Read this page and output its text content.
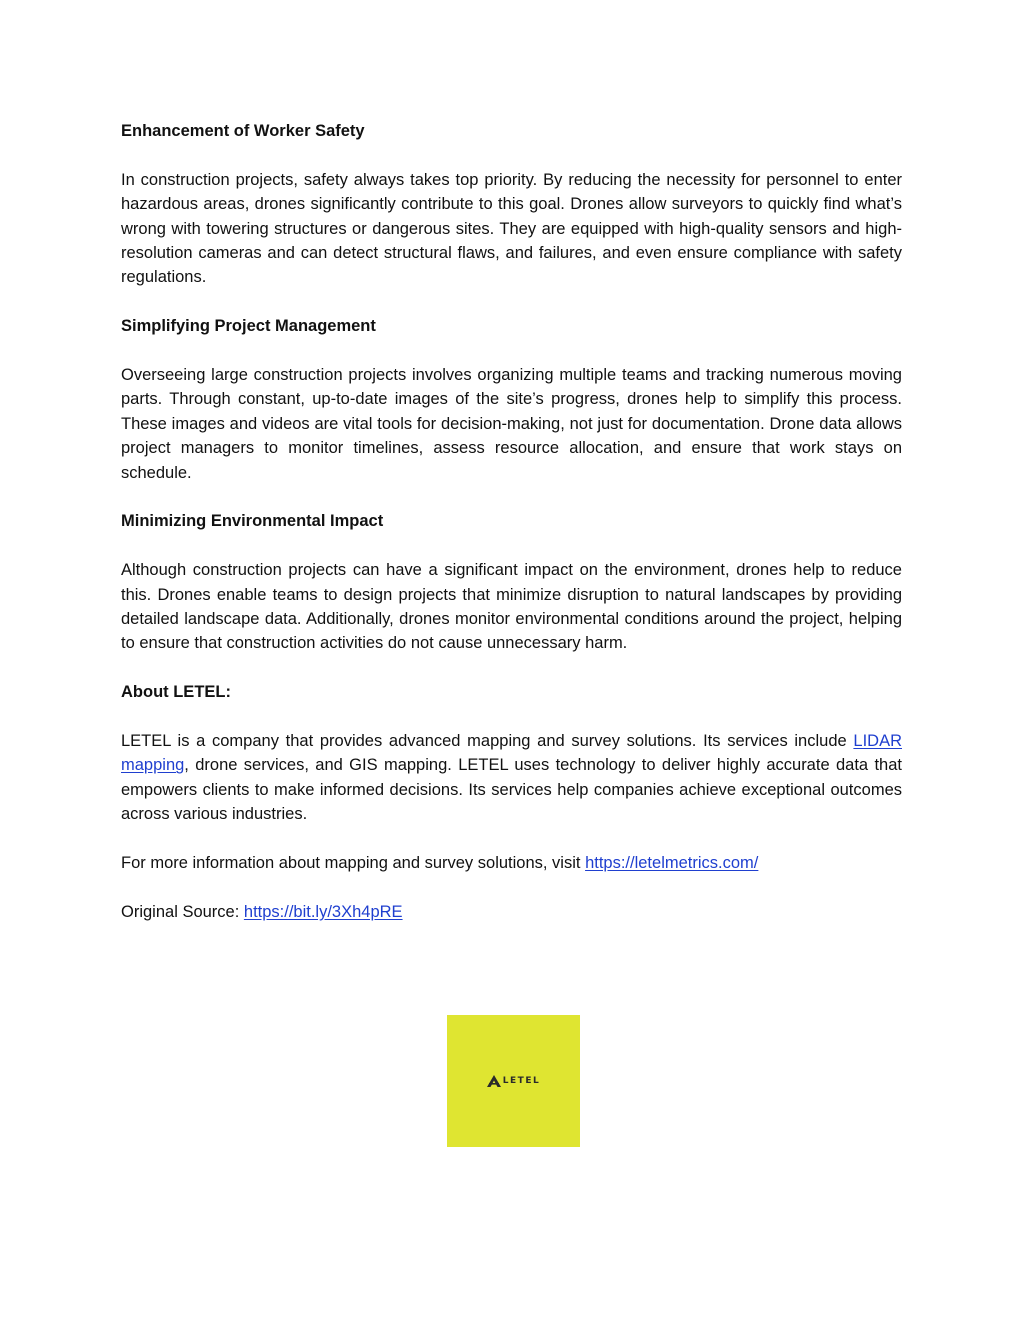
Enhancement of Worker Safety

In construction projects, safety always takes top priority. By reducing the necessity for personnel to enter hazardous areas, drones significantly contribute to this goal. Drones allow surveyors to quickly find what’s wrong with towering structures or dangerous sites. They are equipped with high-quality sensors and high-resolution cameras and can detect structural flaws, and failures, and even ensure compliance with safety regulations.

Simplifying Project Management

Overseeing large construction projects involves organizing multiple teams and tracking numerous moving parts. Through constant, up-to-date images of the site’s progress, drones help to simplify this process. These images and videos are vital tools for decision-making, not just for documentation. Drone data allows project managers to monitor timelines, assess resource allocation, and ensure that work stays on schedule.

Minimizing Environmental Impact

Although construction projects can have a significant impact on the environment, drones help to reduce this. Drones enable teams to design projects that minimize disruption to natural landscapes by providing detailed landscape data. Additionally, drones monitor environmental conditions around the project, helping to ensure that construction activities do not cause unnecessary harm.

About LETEL:

LETEL is a company that provides advanced mapping and survey solutions. Its services include LIDAR mapping, drone services, and GIS mapping. LETEL uses technology to deliver highly accurate data that empowers clients to make informed decisions. Its services help companies achieve exceptional outcomes across various industries.

For more information about mapping and survey solutions, visit https://letelmetrics.com/

Original Source: https://bit.ly/3Xh4pRE

LETEL
